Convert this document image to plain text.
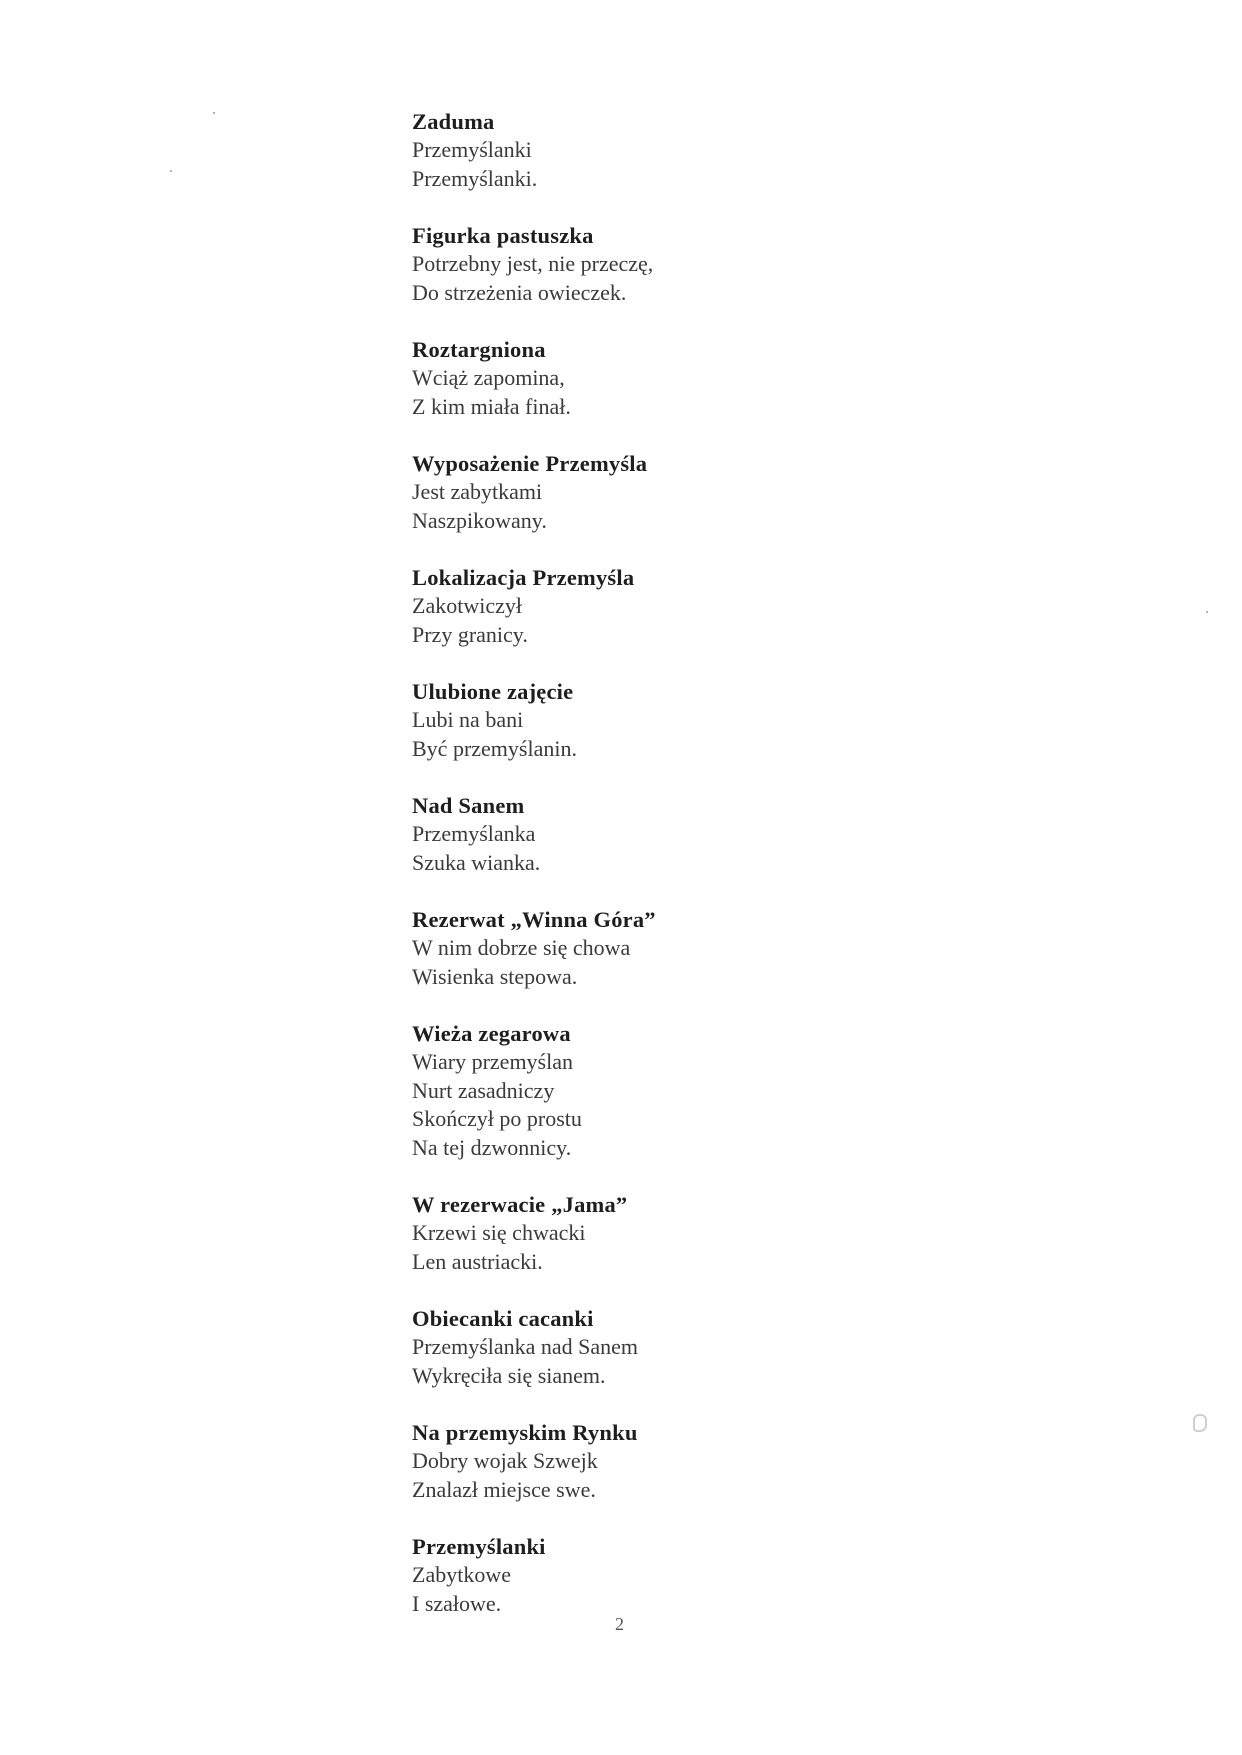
Zaduma
Przemyślanki
Przemyślanki.
Figurka pastuszka
Potrzebny jest, nie przeczę,
Do strzeżenia owieczek.
Roztargniona
Wciąż zapomina,
Z kim miała finał.
Wyposażenie Przemyśla
Jest zabytkami
Naszpikowany.
Lokalizacja Przemyśla
Zakotwiczył
Przy granicy.
Ulubione zajęcie
Lubi na bani
Być przemyślanin.
Nad Sanem
Przemyślanka
Szuka wianka.
Rezerwat „Winna Góra”
W nim dobrze się chowa
Wisienka stepowa.
Wieża zegarowa
Wiary przemyślan
Nurt zasadniczy
Skończył po prostu
Na tej dzwonnicy.
W rezerwacie „Jama”
Krzewi się chwacki
Len austriacki.
Obiecanki cacanki
Przemyślanka nad Sanem
Wykręciła się sianem.
Na przemyskim Rynku
Dobry wojak Szwejk
Znalazł miejsce swe.
Przemyślanki
Zabytkowe
I szałowe.
2
